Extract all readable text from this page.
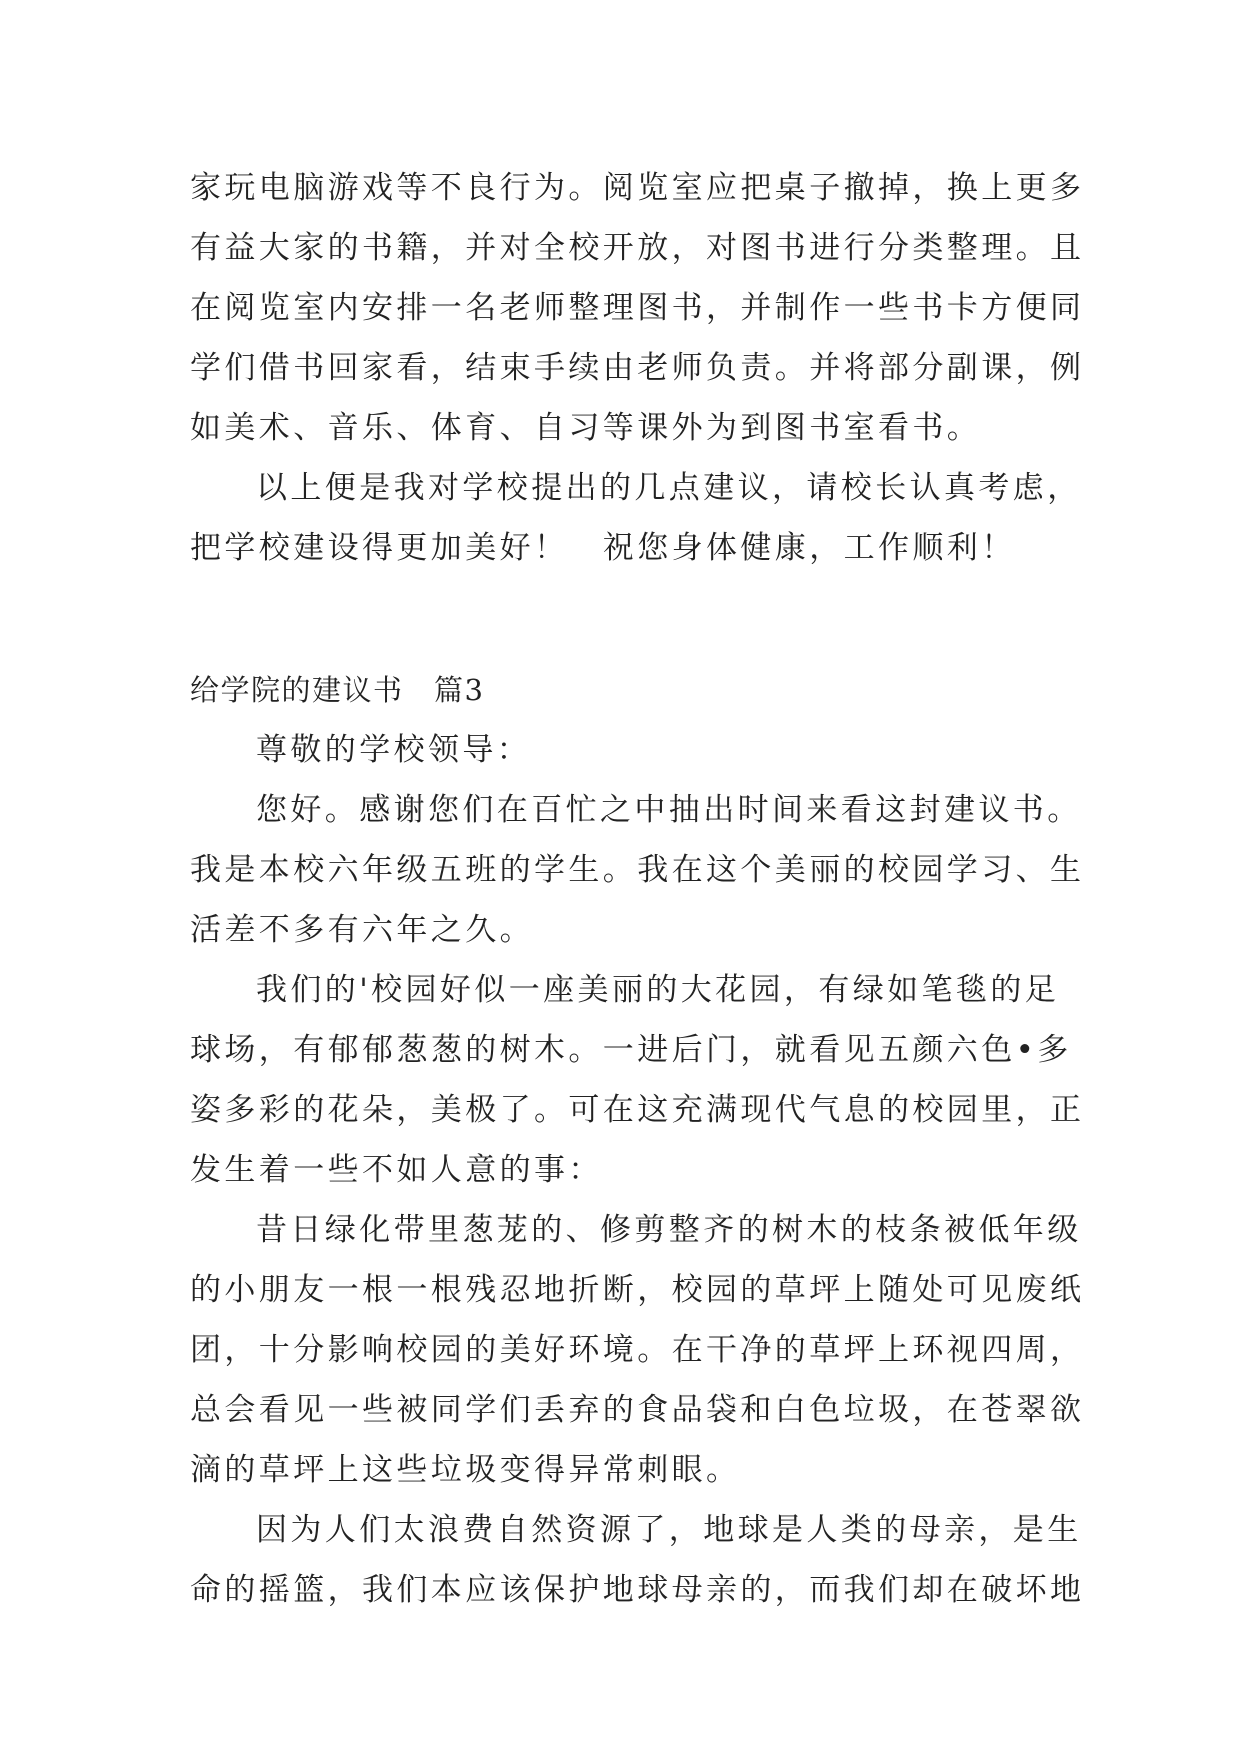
家玩电脑游戏等不良行为。阅览室应把桌子撤掉，换上更多
有益大家的书籍，并对全校开放，对图书进行分类整理。且
在阅览室内安排一名老师整理图书，并制作一些书卡方便同
学们借书回家看，结束手续由老师负责。并将部分副课，例
如美术、音乐、体育、自习等课外为到图书室看书。
以上便是我对学校提出的几点建议，请校长认真考虑，
把学校建设得更加美好！　祝您身体健康，工作顺利！
给学院的建议书　篇3
尊敬的学校领导：
您好。感谢您们在百忙之中抽出时间来看这封建议书。
我是本校六年级五班的学生。我在这个美丽的校园学习、生
活差不多有六年之久。
我们的'校园好似一座美丽的大花园，有绿如笔毯的足
球场，有郁郁葱葱的树木。一进后门，就看见五颜六色•多
姿多彩的花朵，美极了。可在这充满现代气息的校园里，正
发生着一些不如人意的事：
昔日绿化带里葱茏的、修剪整齐的树木的枝条被低年级
的小朋友一根一根残忍地折断，校园的草坪上随处可见废纸
团，十分影响校园的美好环境。在干净的草坪上环视四周，
总会看见一些被同学们丢弃的食品袋和白色垃圾，在苍翠欲
滴的草坪上这些垃圾变得异常刺眼。
因为人们太浪费自然资源了，地球是人类的母亲，是生
命的摇篮，我们本应该保护地球母亲的，而我们却在破坏地
